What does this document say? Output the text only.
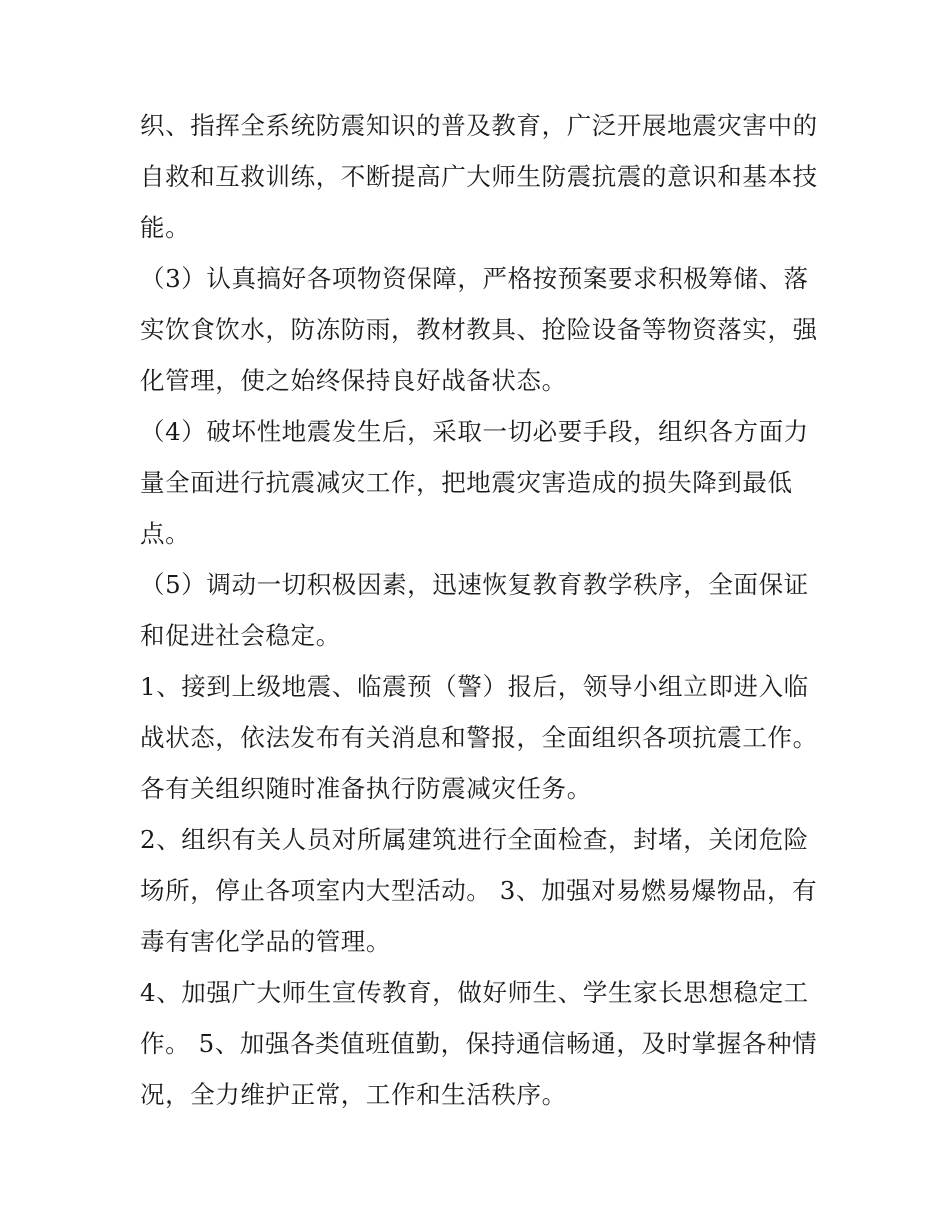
织、指挥全系统防震知识的普及教育，广泛开展地震灾害中的自救和互救训练，不断提高广大师生防震抗震的意识和基本技能。

（3）认真搞好各项物资保障，严格按预案要求积极筹储、落实饮食饮水，防冻防雨，教材教具、抢险设备等物资落实，强化管理，使之始终保持良好战备状态。

（4）破坏性地震发生后，采取一切必要手段，组织各方面力量全面进行抗震减灾工作，把地震灾害造成的损失降到最低点。

（5）调动一切积极因素，迅速恢复教育教学秩序，全面保证和促进社会稳定。

1、接到上级地震、临震预（警）报后，领导小组立即进入临战状态，依法发布有关消息和警报，全面组织各项抗震工作。各有关组织随时准备执行防震减灾任务。

2、组织有关人员对所属建筑进行全面检查，封堵，关闭危险场所，停止各项室内大型活动。 3、加强对易燃易爆物品，有毒有害化学品的管理。

4、加强广大师生宣传教育，做好师生、学生家长思想稳定工作。 5、加强各类值班值勤，保持通信畅通，及时掌握各种情况，全力维护正常，工作和生活秩序。
